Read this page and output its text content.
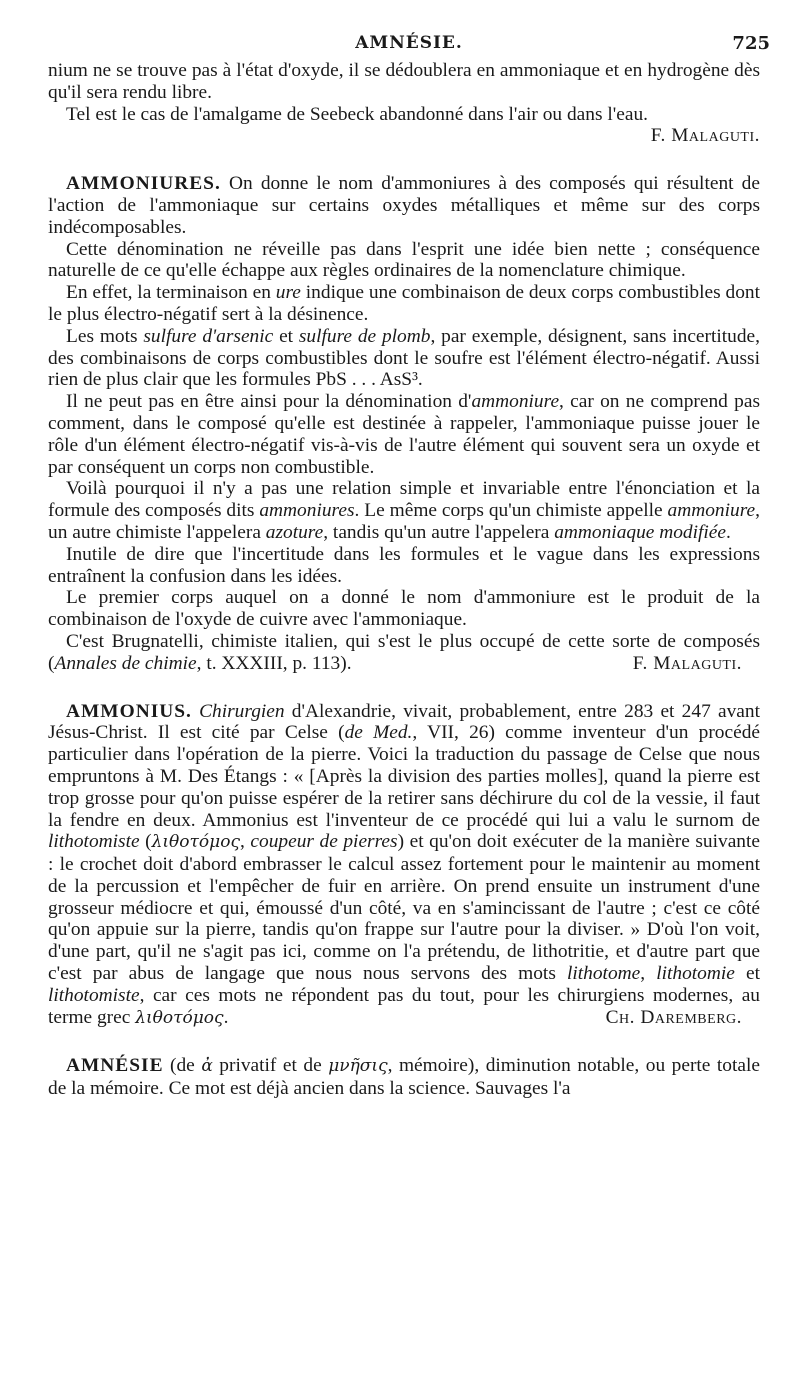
AMNÉSIE.	725

nium ne se trouve pas à l'état d'oxyde, il se dédoublera en ammoniaque et en hydrogène dès qu'il sera rendu libre.

Tel est le cas de l'amalgame de Seebeck abandonné dans l'air ou dans l'eau.

F. Malaguti.

AMMONIURES. On donne le nom d'ammoniures à des composés qui résultent de l'action de l'ammoniaque sur certains oxydes métalliques et même sur des corps indécomposables.

Cette dénomination ne réveille pas dans l'esprit une idée bien nette ; conséquence naturelle de ce qu'elle échappe aux règles ordinaires de la nomenclature chimique.

En effet, la terminaison en ure indique une combinaison de deux corps combustibles dont le plus électro-négatif sert à la désinence.

Les mots sulfure d'arsenic et sulfure de plomb, par exemple, désignent, sans incertitude, des combinaisons de corps combustibles dont le soufre est l'élément électro-négatif. Aussi rien de plus clair que les formules PbS . . . AsS³.

Il ne peut pas en être ainsi pour la dénomination d'ammoniure, car on ne comprend pas comment, dans le composé qu'elle est destinée à rappeler, l'ammoniaque puisse jouer le rôle d'un élément électro-négatif vis-à-vis de l'autre élément qui souvent sera un oxyde et par conséquent un corps non combustible.

Voilà pourquoi il n'y a pas une relation simple et invariable entre l'énonciation et la formule des composés dits ammoniures. Le même corps qu'un chimiste appelle ammoniure, un autre chimiste l'appelera azoture, tandis qu'un autre l'appelera ammoniaque modifiée.

Inutile de dire que l'incertitude dans les formules et le vague dans les expressions entraînent la confusion dans les idées.

Le premier corps auquel on a donné le nom d'ammoniure est le produit de la combinaison de l'oxyde de cuivre avec l'ammoniaque.

C'est Brugnatelli, chimiste italien, qui s'est le plus occupé de cette sorte de composés (Annales de chimie, t. XXXIII, p. 113).	F. Malaguti.

AMMONIUS. Chirurgien d'Alexandrie, vivait, probablement, entre 283 et 247 avant Jésus-Christ. Il est cité par Celse (de Med., VII, 26) comme inventeur d'un procédé particulier dans l'opération de la pierre. Voici la traduction du passage de Celse que nous empruntons à M. Des Étangs : « [Après la division des parties molles], quand la pierre est trop grosse pour qu'on puisse espérer de la retirer sans déchirure du col de la vessie, il faut la fendre en deux. Ammonius est l'inventeur de ce procédé qui lui a valu le surnom de lithotomiste (λιθοτόμος, coupeur de pierres) et qu'on doit exécuter de la manière suivante : le crochet doit d'abord embrasser le calcul assez fortement pour le maintenir au moment de la percussion et l'empêcher de fuir en arrière. On prend ensuite un instrument d'une grosseur médiocre et qui, émoussé d'un côté, va en s'amincissant de l'autre ; c'est ce côté qu'on appuie sur la pierre, tandis qu'on frappe sur l'autre pour la diviser. » D'où l'on voit, d'une part, qu'il ne s'agit pas ici, comme on l'a prétendu, de lithotritie, et d'autre part que c'est par abus de langage que nous nous servons des mots lithotome, lithotomie et lithotomiste, car ces mots ne répondent pas du tout, pour les chirurgiens modernes, au terme grec λιθοτόμος.	Ch. Daremberg.

AMNÉSIE (de ἀ privatif et de μνῆσις, mémoire), diminution notable, ou perte totale de la mémoire. Ce mot est déjà ancien dans la science. Sauvages l'a
